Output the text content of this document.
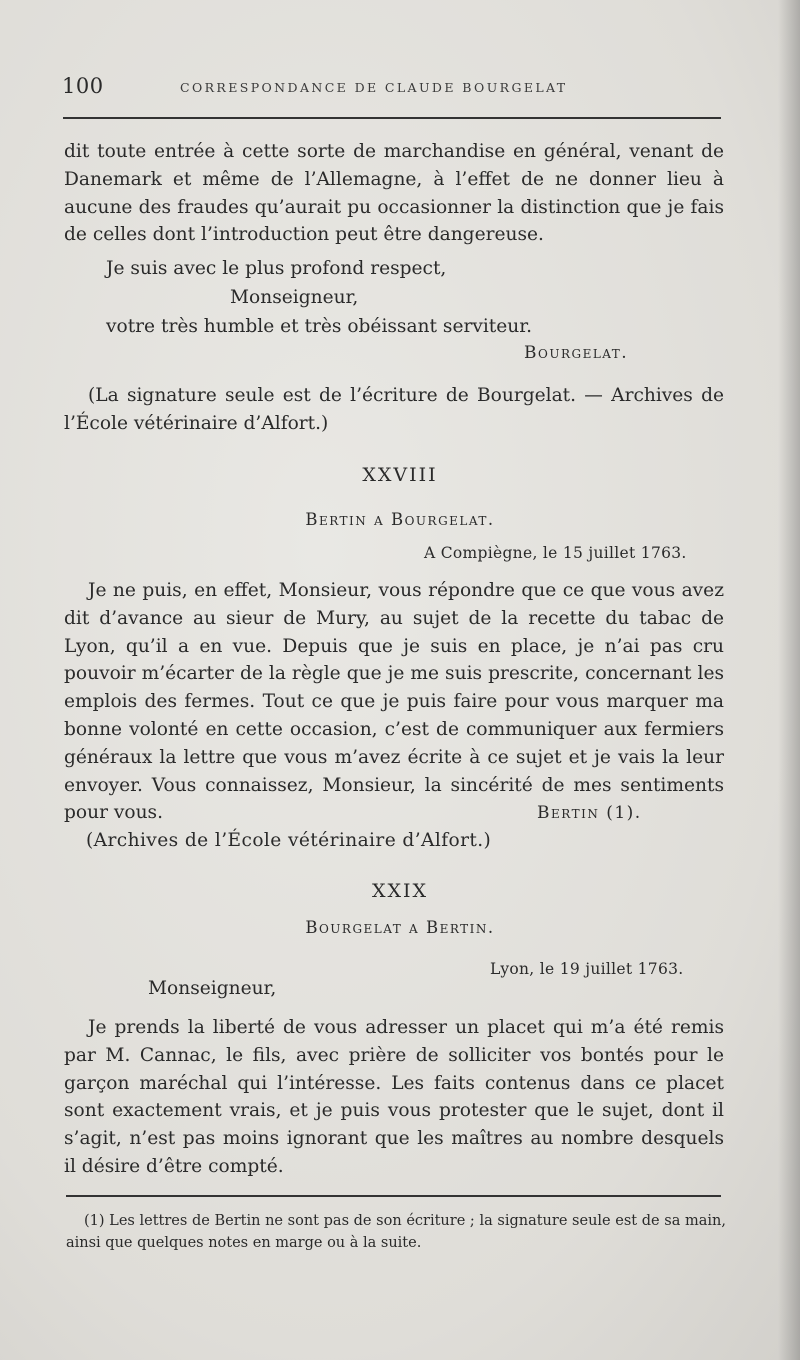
100	CORRESPONDANCE DE CLAUDE BOURGELAT

dit toute entrée à cette sorte de marchandise en général, venant de Danemark et même de l’Allemagne, à l’effet de ne donner lieu à aucune des fraudes qu’aurait pu occasionner la distinction que je fais de celles dont l’introduction peut être dangereuse.

Je suis avec le plus profond respect,
Monseigneur,
votre très humble et très obéissant serviteur.
Bourgelat.

(La signature seule est de l’écriture de Bourgelat. — Archives de l’École vétérinaire d’Alfort.)

XXVIII
Bertin a Bourgelat.
A Compiègne, le 15 juillet 1763.

Je ne puis, en effet, Monsieur, vous répondre que ce que vous avez dit d’avance au sieur de Mury, au sujet de la recette du tabac de Lyon, qu’il a en vue. Depuis que je suis en place, je n’ai pas cru pouvoir m’écarter de la règle que je me suis prescrite, concernant les emplois des fermes. Tout ce que je puis faire pour vous marquer ma bonne volonté en cette occasion, c’est de communiquer aux fermiers généraux la lettre que vous m’avez écrite à ce sujet et je vais la leur envoyer. Vous connaissez, Monsieur, la sincérité de mes sentiments pour vous.	Bertin (1).
(Archives de l’École vétérinaire d’Alfort.)
XXIX
Bourgelat a Bertin.
Lyon, le 19 juillet 1763.
Monseigneur,

Je prends la liberté de vous adresser un placet qui m’a été remis par M. Cannac, le fils, avec prière de solliciter vos bontés pour le garçon maréchal qui l’intéresse. Les faits contenus dans ce placet sont exactement vrais, et je puis vous protester que le sujet, dont il s’agit, n’est pas moins ignorant que les maîtres au nombre desquels il désire d’être compté.

(1) Les lettres de Bertin ne sont pas de son écriture ; la signature seule est de sa main, ainsi que quelques notes en marge ou à la suite.
